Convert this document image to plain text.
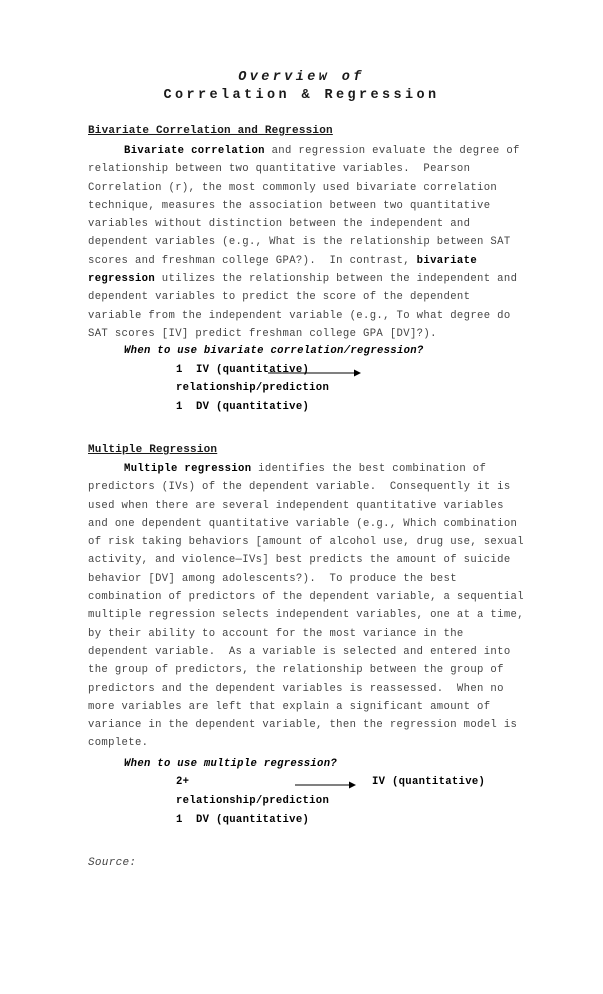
Overview of
Correlation & Regression
Bivariate Correlation and Regression
Bivariate correlation and regression evaluate the degree of
relationship between two quantitative variables.  Pearson
Correlation (r), the most commonly used bivariate correlation
technique, measures the association between two quantitative
variables without distinction between the independent and
dependent variables (e.g., What is the relationship between SAT
scores and freshman college GPA?).  In contrast, bivariate
regression utilizes the relationship between the independent and
dependent variables to predict the score of the dependent
variable from the independent variable (e.g., To what degree do
SAT scores [IV] predict freshman college GPA [DV]?).
When to use bivariate correlation/regression?
1  IV (quantitative)
relationship/prediction
1  DV (quantitative)
Multiple Regression
Multiple regression identifies the best combination of
predictors (IVs) of the dependent variable.  Consequently it is
used when there are several independent quantitative variables
and one dependent quantitative variable (e.g., Which combination
of risk taking behaviors [amount of alcohol use, drug use, sexual
activity, and violence—IVs] best predicts the amount of suicide
behavior [DV] among adolescents?).  To produce the best
combination of predictors of the dependent variable, a sequential
multiple regression selects independent variables, one at a time,
by their ability to account for the most variance in the
dependent variable.  As a variable is selected and entered into
the group of predictors, the relationship between the group of
predictors and the dependent variables is reassessed.  When no
more variables are left that explain a significant amount of
variance in the dependent variable, then the regression model is
complete.
When to use multiple regression?
2+	IV (quantitative)
relationship/prediction
1  DV (quantitative)
Source:
